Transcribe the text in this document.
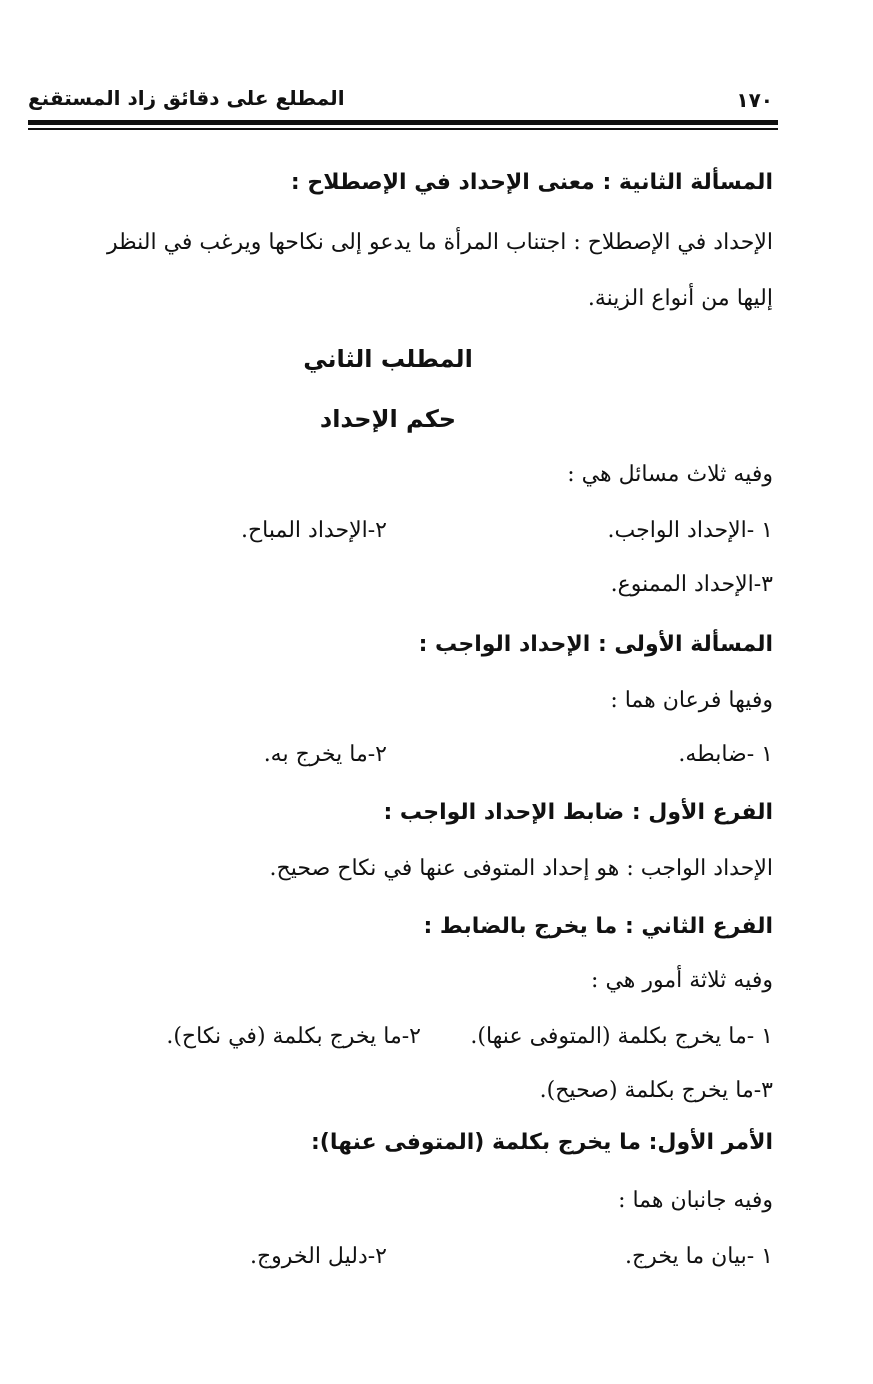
١٧٠
المطلع على دقائق زاد المستقنع
المسألة الثانية : معنى الإحداد في الإصطلاح :
الإحداد في الإصطلاح : اجتناب المرأة ما يدعو إلى نكاحها ويرغب في النظر
إليها من أنواع الزينة.
المطلب الثاني
حكم الإحداد
وفيه ثلاث مسائل هي :
١ -الإحداد الواجب.
٢-الإحداد المباح.
٣-الإحداد الممنوع.
المسألة الأولى : الإحداد الواجب :
وفيها فرعان هما :
١ -ضابطه.
٢-ما يخرج به.
الفرع الأول : ضابط الإحداد الواجب :
الإحداد الواجب : هو إحداد المتوفى عنها في نكاح صحيح.
الفرع الثاني : ما يخرج بالضابط :
وفيه ثلاثة أمور هي :
١ -ما يخرج بكلمة (المتوفى عنها).
٢-ما يخرج بكلمة (في نكاح).
٣-ما يخرج بكلمة (صحيح).
الأمر الأول: ما يخرج بكلمة (المتوفى عنها):
وفيه جانبان هما :
١ -بيان ما يخرج.
٢-دليل الخروج.
